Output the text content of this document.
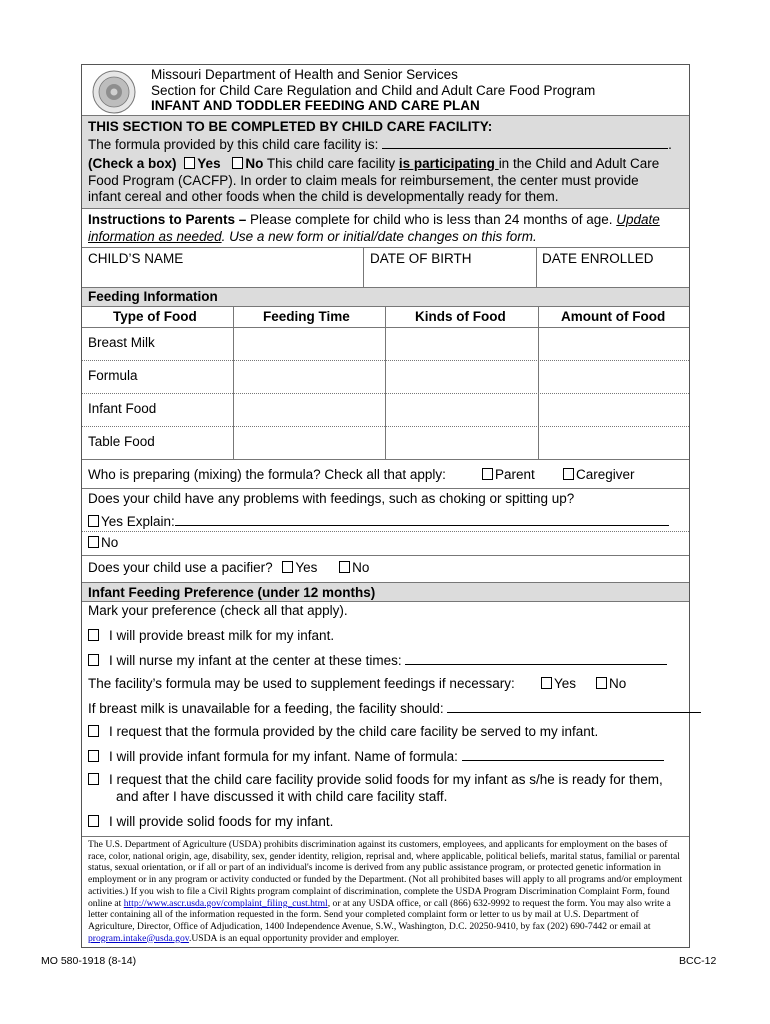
Missouri Department of Health and Senior Services
Section for Child Care Regulation and Child and Adult Care Food Program
INFANT AND TODDLER FEEDING AND CARE PLAN
THIS SECTION TO BE COMPLETED BY CHILD CARE FACILITY:
The formula provided by this child care facility is:	.
(Check a box) Yes No This child care facility is participating in the Child and Adult Care
Food Program (CACFP). In order to claim meals for reimbursement, the center must provide
infant cereal and other foods when the child is developmentally ready for them.
Instructions to Parents – Please complete for child who is less than 24 months of age. Update
information as needed. Use a new form or initial/date changes on this form.
CHILD’S NAME	DATE OF BIRTH	DATE ENROLLED
Feeding Information
Type of Food	Feeding Time	Kinds of Food	Amount of Food
Breast Milk
Formula
Infant Food
Table Food
Who is preparing (mixing) the formula? Check all that apply:	Parent	Caregiver
Does your child have any problems with feedings, such as choking or spitting up?
Yes Explain:
No
Does your child use a pacifier? Yes	No
Infant Feeding Preference (under 12 months)
Mark your preference (check all that apply).
I will provide breast milk for my infant.
I will nurse my infant at the center at these times:
The facility’s formula may be used to supplement feedings if necessary:	Yes	No
If breast milk is unavailable for a feeding, the facility should:
I request that the formula provided by the child care facility be served to my infant.
I will provide infant formula for my infant. Name of formula:
I request that the child care facility provide solid foods for my infant as s/he is ready for them,
and after I have discussed it with child care facility staff.
I will provide solid foods for my infant.
The U.S. Department of Agriculture (USDA) prohibits discrimination against its customers, employees, and applicants for employment on the bases of race, color, national origin, age, disability, sex, gender identity, religion, reprisal and, where applicable, political beliefs, marital status, familial or parental status, sexual orientation, or if all or part of an individual's income is derived from any public assistance program, or protected genetic information in employment or in any program or activity conducted or funded by the Department. (Not all prohibited bases will apply to all programs and/or employment activities.) If you wish to file a Civil Rights program complaint of discrimination, complete the USDA Program Discrimination Complaint Form, found online at http://www.ascr.usda.gov/complaint_filing_cust.html, or at any USDA office, or call (866) 632-9992 to request the form. You may also write a letter containing all of the information requested in the form. Send your completed complaint form or letter to us by mail at U.S. Department of Agriculture, Director, Office of Adjudication, 1400 Independence Avenue, S.W., Washington, D.C. 20250-9410, by fax (202) 690-7442 or email at program.intake@usda.gov.USDA is an equal opportunity provider and employer.
MO 580-1918 (8-14)	BCC-12
